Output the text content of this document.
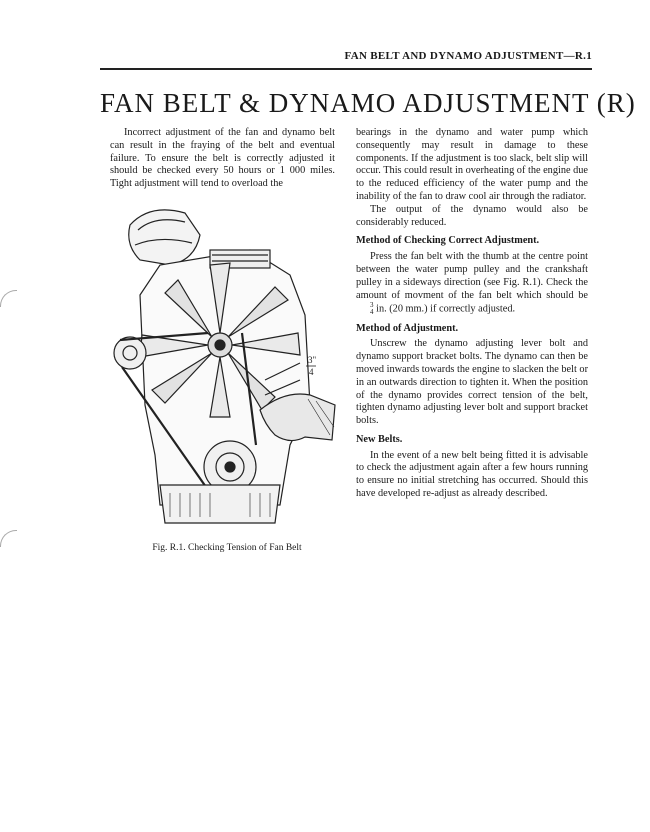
FAN BELT AND DYNAMO ADJUSTMENT—R.1
FAN BELT & DYNAMO ADJUSTMENT (R)

Incorrect adjustment of the fan and dynamo belt can result in the fraying of the belt and eventual failure. To ensure the belt is correctly adjusted it should be checked every 50 hours or 1 000 miles. Tight adjustment will tend to overload the

3"
4
Fig. R.1. Checking Tension of Fan Belt

bearings in the dynamo and water pump which consequently may result in damage to these components. If the adjustment is too slack, belt slip will occur. This could result in overheating of the engine due to the reduced efficiency of the water pump and the inability of the fan to draw cool air through the radiator.

The output of the dynamo would also be considerably reduced.

Method of Checking Correct Adjustment.

Press the fan belt with the thumb at the centre point between the water pump pulley and the crankshaft pulley in a sideways direction (see Fig. R.1). Check the amount of movment of the fan belt which should be
3
4 in. (20 mm.) if correctly adjusted.

Method of Adjustment.

Unscrew the dynamo adjusting lever bolt and dynamo support bracket bolts. The dynamo can then be moved inwards towards the engine to slacken the belt or in an outwards direction to tighten it. When the position of the dynamo provides correct tension of the belt, tighten dynamo adjusting lever bolt and support bracket bolts.

New Belts.

In the event of a new belt being fitted it is advisable to check the adjustment again after a few hours running to ensure no initial stretching has occurred. Should this have developed re-adjust as already described.
